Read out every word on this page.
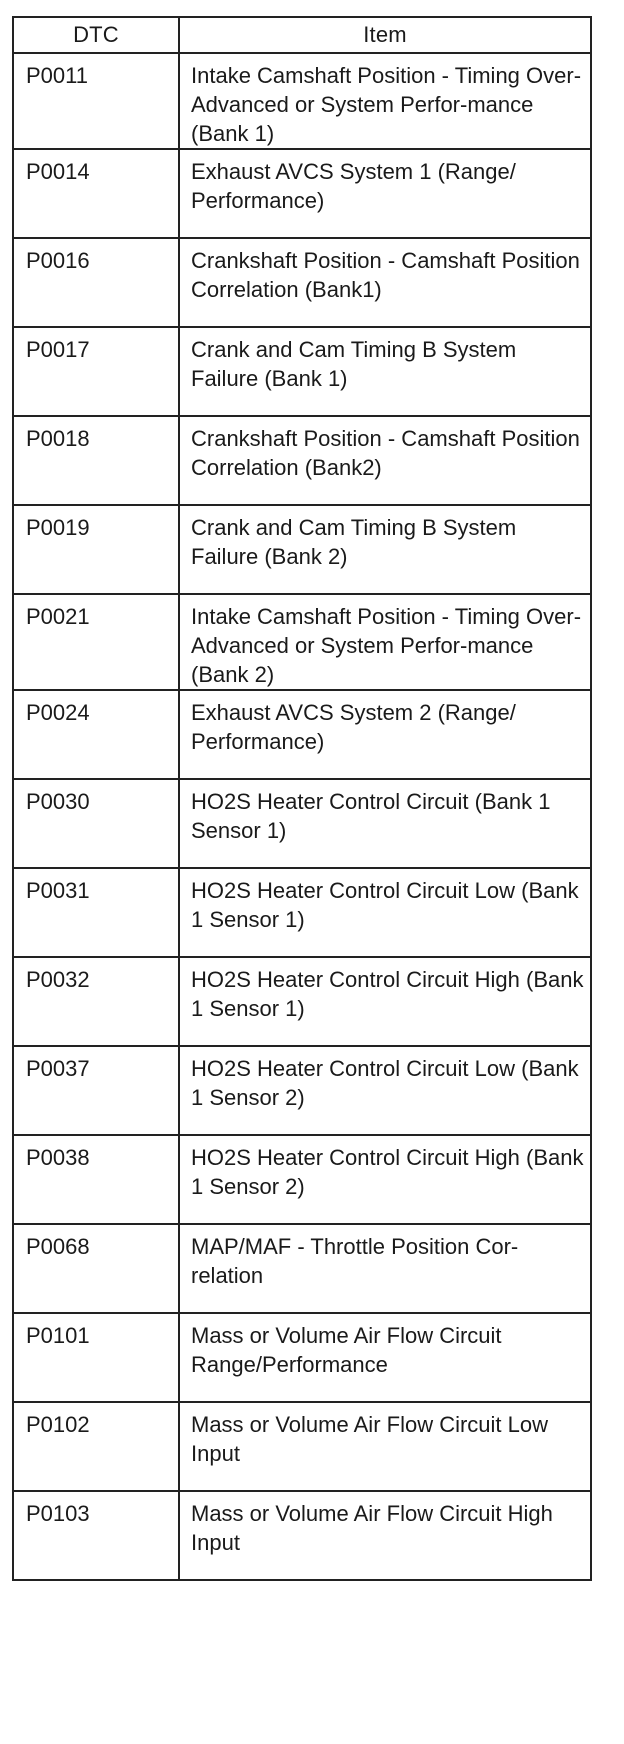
DTC	Item
P0011	Intake Camshaft Position - Timing Over-Advanced or System Perfor-mance (Bank 1)
P0014	Exhaust AVCS System 1 (Range/ Performance)
P0016	Crankshaft Position - Camshaft Position Correlation (Bank1)
P0017	Crank and Cam Timing B System Failure (Bank 1)
P0018	Crankshaft Position - Camshaft Position Correlation (Bank2)
P0019	Crank and Cam Timing B System Failure (Bank 2)
P0021	Intake Camshaft Position - Timing Over-Advanced or System Perfor-mance (Bank 2)
P0024	Exhaust AVCS System 2 (Range/ Performance)
P0030	HO2S Heater Control Circuit (Bank 1 Sensor 1)
P0031	HO2S Heater Control Circuit Low (Bank 1 Sensor 1)
P0032	HO2S Heater Control Circuit High (Bank 1 Sensor 1)
P0037	HO2S Heater Control Circuit Low (Bank 1 Sensor 2)
P0038	HO2S Heater Control Circuit High (Bank 1 Sensor 2)
P0068	MAP/MAF - Throttle Position Cor-relation
P0101	Mass or Volume Air Flow Circuit Range/Performance
P0102	Mass or Volume Air Flow Circuit Low Input
P0103	Mass or Volume Air Flow Circuit High Input
